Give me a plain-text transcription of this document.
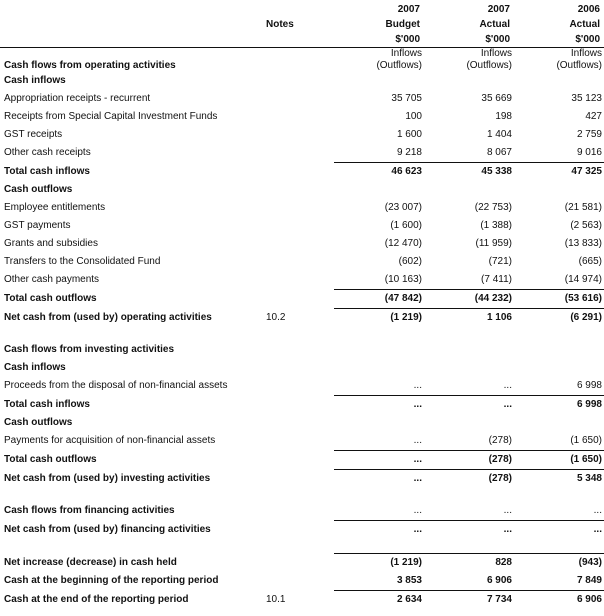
		2007	2007	2006
	Notes	Budget	Actual	Actual
		$'000	$'000	$'000
		Inflows	Inflows	Inflows
Cash flows from operating activities		(Outflows)	(Outflows)	(Outflows)
Cash inflows				
Appropriation receipts - recurrent		35 705	35 669	35 123
Receipts from Special Capital Investment Funds		100	198	427
GST receipts		1 600	1 404	2 759
Other cash receipts		9 218	8 067	9 016
Total cash inflows		46 623	45 338	47 325
Cash outflows				
Employee entitlements		(23 007)	(22 753)	(21 581)
GST payments		(1 600)	(1 388)	(2 563)
Grants and subsidies		(12 470)	(11 959)	(13 833)
Transfers to the Consolidated Fund		(602)	(721)	(665)
Other cash payments		(10 163)	(7 411)	(14 974)
Total cash outflows		(47 842)	(44 232)	(53 616)
Net cash from (used by) operating activities	10.2	(1 219)	1 106	(6 291)

Cash flows from investing activities				
Cash inflows				
Proceeds from the disposal of non-financial assets		...	...	6 998
Total cash inflows		...	...	6 998
Cash outflows				
Payments for acquisition of non-financial assets		...	(278)	(1 650)
Total cash outflows		...	(278)	(1 650)
Net cash from (used by) investing activities		...	(278)	5 348

Cash flows from financing activities		...	...	...
Net cash from (used by) financing activities		...	...	...

Net increase (decrease) in cash held		(1 219)	828	(943)
Cash at the beginning of the reporting period		3 853	6 906	7 849
Cash at the end of the reporting period	10.1	2 634	7 734	6 906
